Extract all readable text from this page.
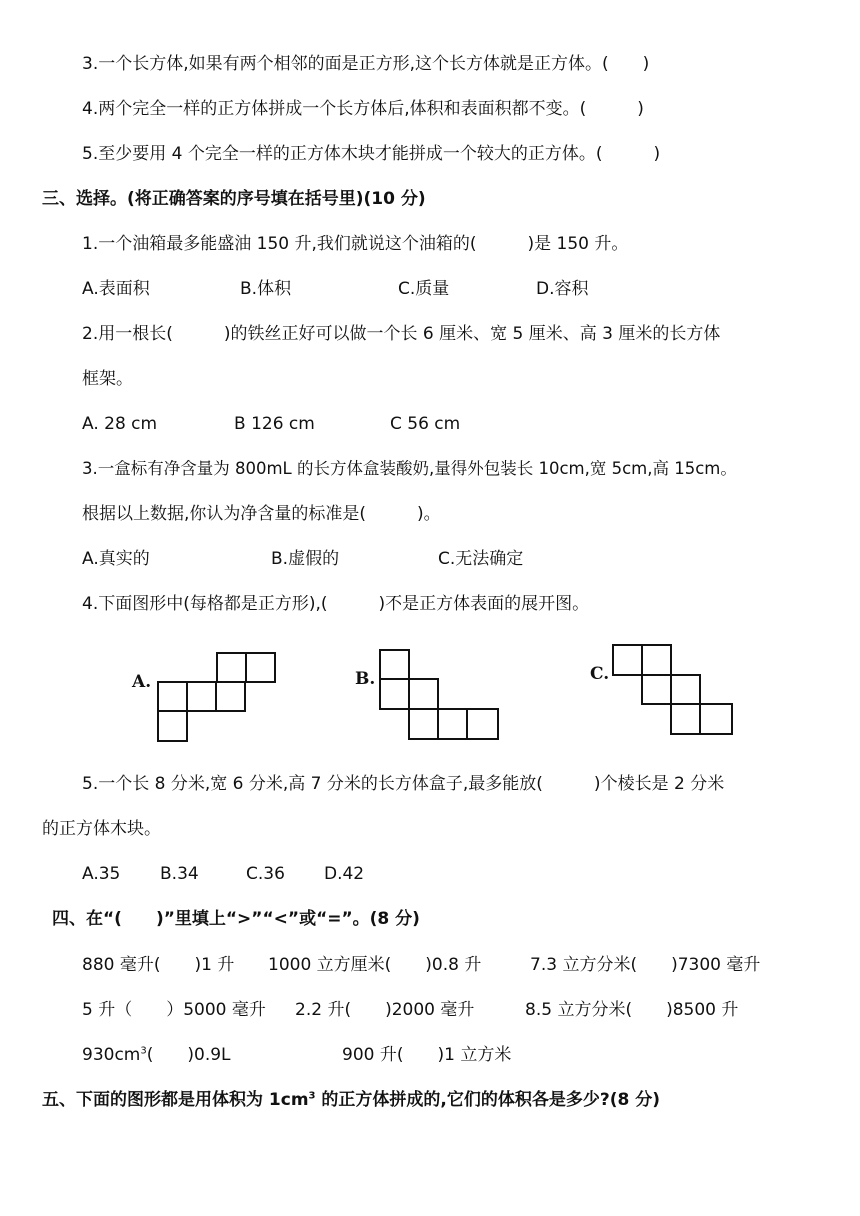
3.一个长方体,如果有两个相邻的面是正方形,这个长方体就是正方体。(　　)
4.两个完全一样的正方体拼成一个长方体后,体积和表面积都不变。(　　　)
5.至少要用 4 个完全一样的正方体木块才能拼成一个较大的正方体。(　　　)
三、选择。(将正确答案的序号填在括号里)(10 分)
1.一个油箱最多能盛油 150 升,我们就说这个油箱的(　　　)是 150 升。
A.表面积	B.体积	C.质量	D.容积
2.用一根长(　　　)的铁丝正好可以做一个长 6 厘米、宽 5 厘米、高 3 厘米的长方体
框架。
A. 28 cm	B 126 cm	C 56 cm
3.一盒标有净含量为 800mL 的长方体盒装酸奶,量得外包装长 10cm,宽 5cm,高 15cm。
根据以上数据,你认为净含量的标准是(　　　)。
A.真实的	B.虚假的	C.无法确定
4.下面图形中(每格都是正方形),(　　　)不是正方体表面的展开图。
A.	B.	C.
5.一个长 8 分米,宽 6 分米,高 7 分米的长方体盒子,最多能放(　　　)个棱长是 2 分米
的正方体木块。
A.35 B.34	C.36 D.42
四、在“(　　)”里填上“>”“<”或“=”。(8 分)
880 毫升(　　)1 升 1000 立方厘米(　　)0.8 升	7.3 立方分米(　　)7300 毫升
5 升（　　）5000 毫升 2.2 升(　　)2000 毫升	8.5 立方分米(　　)8500 升
$930cm^3$(　　)0.9L	900 升(　　)1 立方米
五、下面的图形都是用体积为 $1cm^3$ 的正方体拼成的,它们的体积各是多少?(8 分)
